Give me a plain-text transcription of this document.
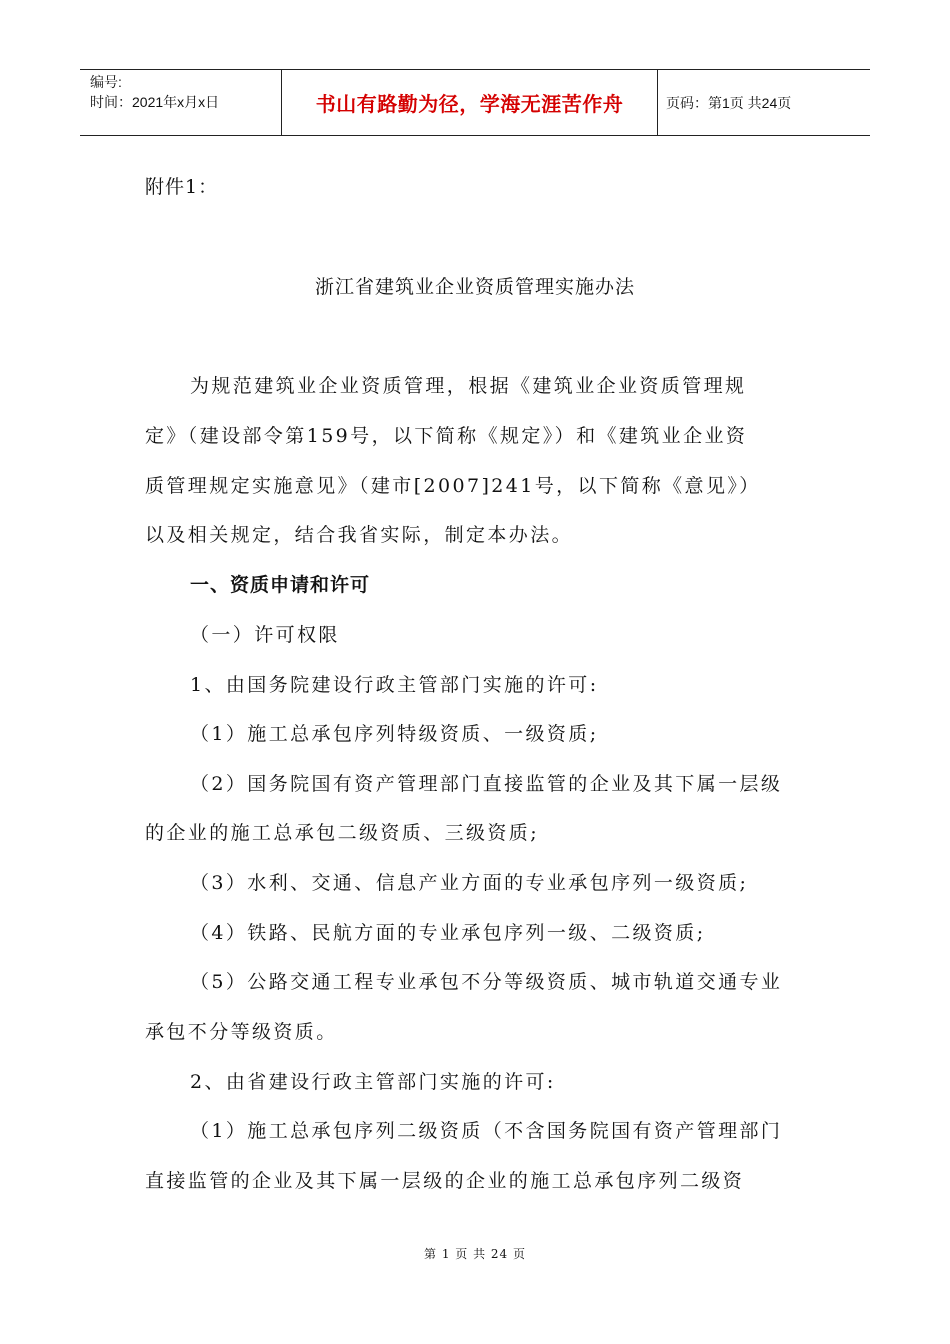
编号:
时间：2021年x月x日	书山有路勤为径，学海无涯苦作舟	页码：第1页 共24页
附件1：
浙江省建筑业企业资质管理实施办法
为规范建筑业企业资质管理，根据《建筑业企业资质管理规
定》（建设部令第159号，以下简称《规定》）和《建筑业企业资
质管理规定实施意见》（建市[2007]241号，以下简称《意见》）
以及相关规定，结合我省实际，制定本办法。
一、资质申请和许可
（一）许可权限
1、由国务院建设行政主管部门实施的许可:
（1）施工总承包序列特级资质、一级资质;
（2）国务院国有资产管理部门直接监管的企业及其下属一层级
的企业的施工总承包二级资质、三级资质;
（3）水利、交通、信息产业方面的专业承包序列一级资质;
（4）铁路、民航方面的专业承包序列一级、二级资质;
（5）公路交通工程专业承包不分等级资质、城市轨道交通专业
承包不分等级资质。
2、由省建设行政主管部门实施的许可:
（1）施工总承包序列二级资质（不含国务院国有资产管理部门
直接监管的企业及其下属一层级的企业的施工总承包序列二级资
第 1 页 共 24 页
